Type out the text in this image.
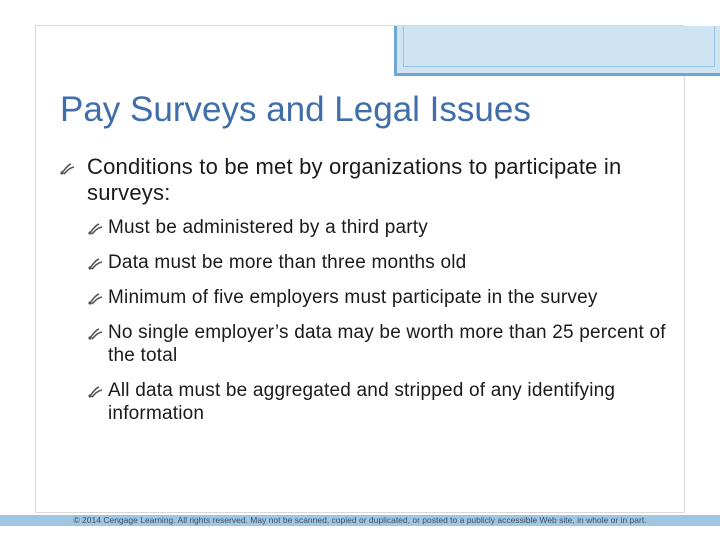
Pay Surveys and Legal Issues
Conditions to be met by organizations to participate in surveys:
Must be administered by a third party
Data must be more than three months old
Minimum of five employers must participate in the survey
No single employer’s data may be worth more than 25 percent of the total
All data must be aggregated and stripped of any identifying information
© 2014 Cengage Learning. All rights reserved. May not be scanned, copied or duplicated, or posted to a publicly accessible Web site, in whole or in part.
